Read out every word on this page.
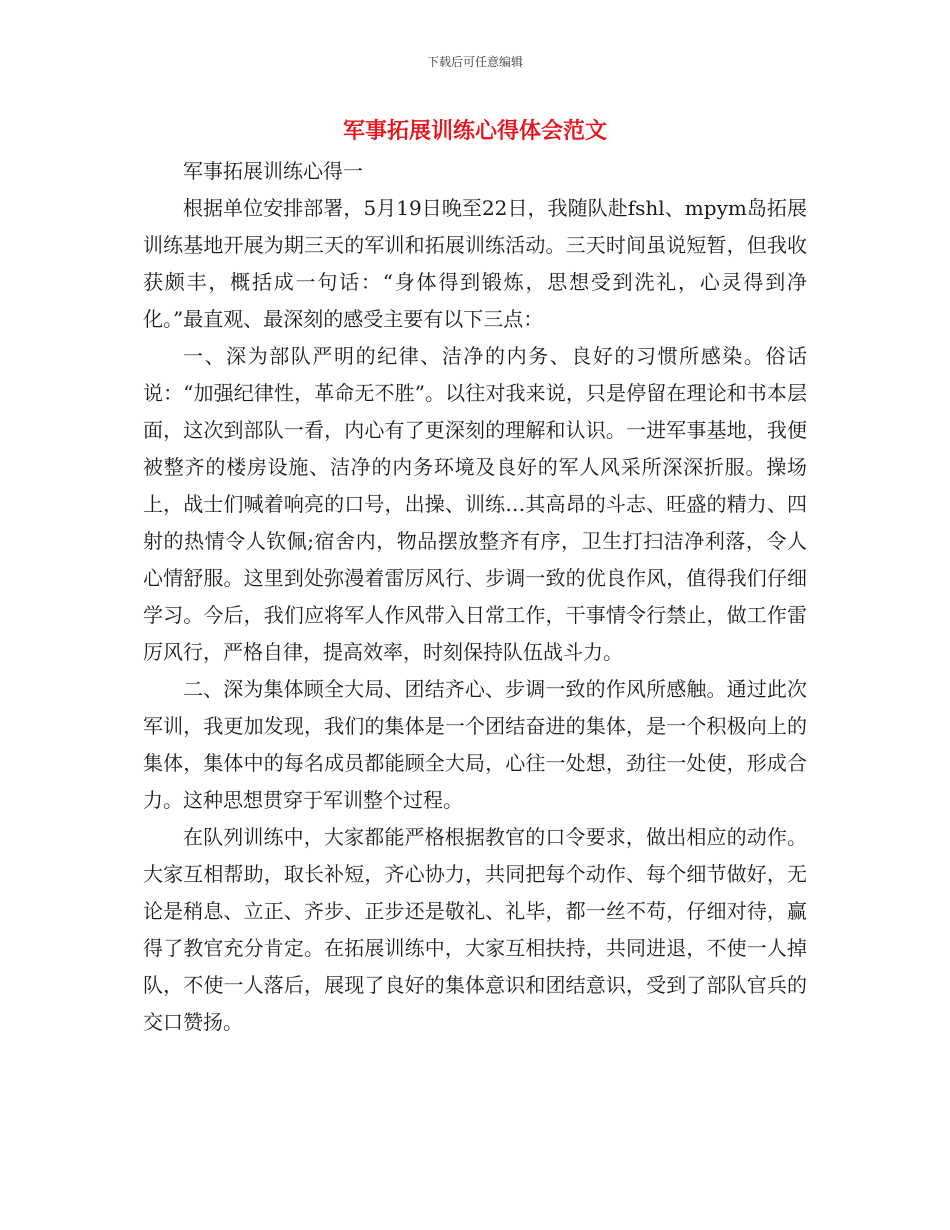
下载后可任意编辑
军事拓展训练心得体会范文

军事拓展训练心得一

根据单位安排部署，5月19日晚至22日，我随队赴fshl、mpym岛拓展训练基地开展为期三天的军训和拓展训练活动。三天时间虽说短暂，但我收获颇丰，概括成一句话：“身体得到锻炼，思想受到洗礼，心灵得到净化。”最直观、最深刻的感受主要有以下三点：

一、深为部队严明的纪律、洁净的内务、良好的习惯所感染。俗话说：“加强纪律性，革命无不胜”。以往对我来说，只是停留在理论和书本层面，这次到部队一看，内心有了更深刻的理解和认识。一进军事基地，我便被整齐的楼房设施、洁净的内务环境及良好的军人风采所深深折服。操场上，战士们喊着响亮的口号，出操、训练…其高昂的斗志、旺盛的精力、四射的热情令人钦佩;宿舍内，物品摆放整齐有序，卫生打扫洁净利落，令人心情舒服。这里到处弥漫着雷厉风行、步调一致的优良作风，值得我们仔细学习。今后，我们应将军人作风带入日常工作，干事情令行禁止，做工作雷厉风行，严格自律，提高效率，时刻保持队伍战斗力。

二、深为集体顾全大局、团结齐心、步调一致的作风所感触。通过此次军训，我更加发现，我们的集体是一个团结奋进的集体，是一个积极向上的集体，集体中的每名成员都能顾全大局，心往一处想，劲往一处使，形成合力。这种思想贯穿于军训整个过程。

在队列训练中，大家都能严格根据教官的口令要求，做出相应的动作。大家互相帮助，取长补短，齐心协力，共同把每个动作、每个细节做好，无论是稍息、立正、齐步、正步还是敬礼、礼毕，都一丝不苟，仔细对待，赢得了教官充分肯定。在拓展训练中，大家互相扶持，共同进退，不使一人掉队，不使一人落后，展现了良好的集体意识和团结意识，受到了部队官兵的交口赞扬。
